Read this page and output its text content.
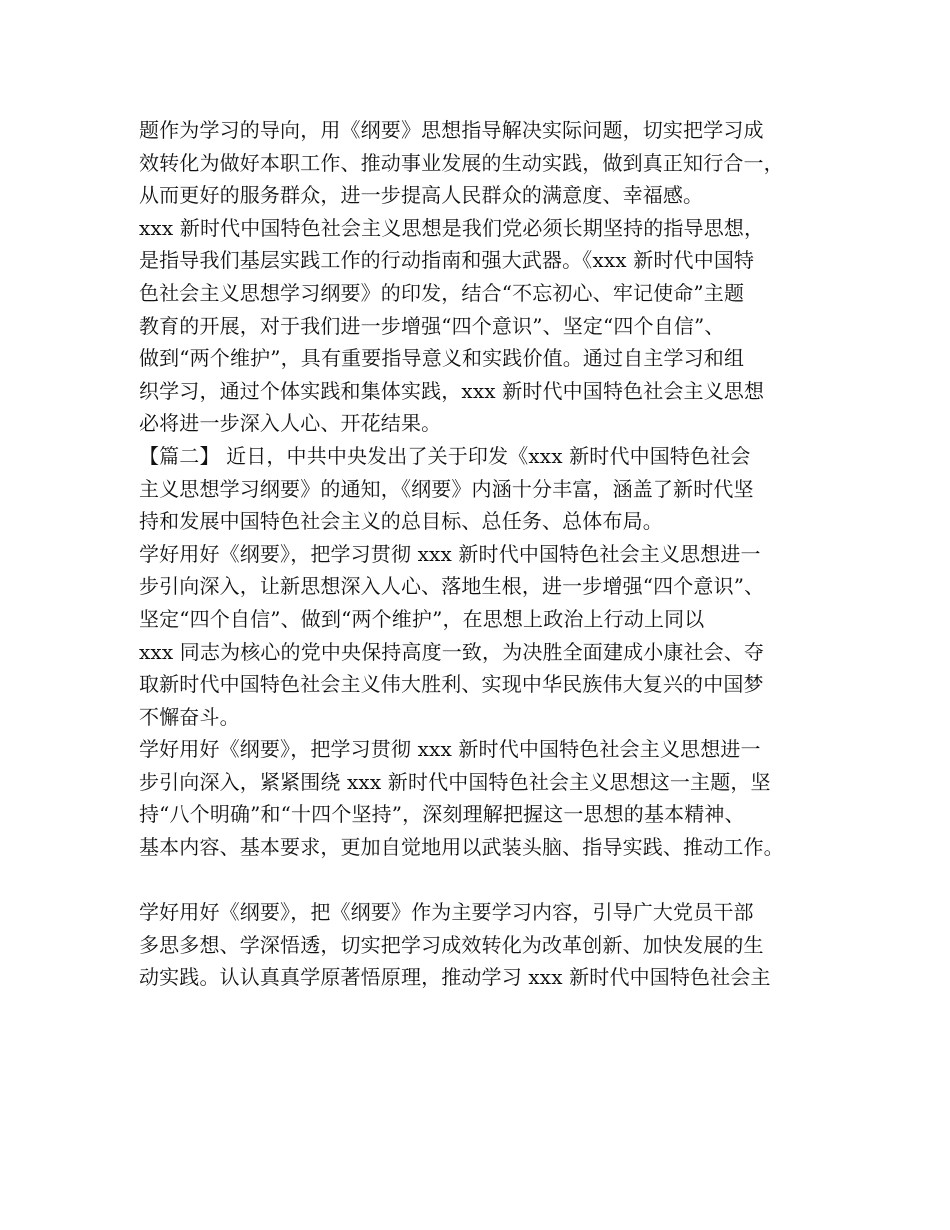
题作为学习的导向，用《纲要》思想指导解决实际问题，切实把学习成
效转化为做好本职工作、推动事业发展的生动实践，做到真正知行合一，
从而更好的服务群众，进一步提高人民群众的满意度、幸福感。
xxx 新时代中国特色社会主义思想是我们党必须长期坚持的指导思想，
是指导我们基层实践工作的行动指南和强大武器。《xxx 新时代中国特
色社会主义思想学习纲要》的印发，结合“不忘初心、牢记使命”主题
教育的开展，对于我们进一步增强“四个意识”、坚定“四个自信”、
做到“两个维护”，具有重要指导意义和实践价值。通过自主学习和组
织学习，通过个体实践和集体实践，xxx 新时代中国特色社会主义思想
必将进一步深入人心、开花结果。
【篇二】 近日，中共中央发出了关于印发《xxx 新时代中国特色社会
主义思想学习纲要》的通知，《纲要》内涵十分丰富，涵盖了新时代坚
持和发展中国特色社会主义的总目标、总任务、总体布局。
学好用好《纲要》，把学习贯彻 xxx 新时代中国特色社会主义思想进一
步引向深入，让新思想深入人心、落地生根，进一步增强“四个意识”、
坚定“四个自信”、做到“两个维护”，在思想上政治上行动上同以
xxx 同志为核心的党中央保持高度一致，为决胜全面建成小康社会、夺
取新时代中国特色社会主义伟大胜利、实现中华民族伟大复兴的中国梦
不懈奋斗。
学好用好《纲要》，把学习贯彻 xxx 新时代中国特色社会主义思想进一
步引向深入，紧紧围绕 xxx 新时代中国特色社会主义思想这一主题，坚
持“八个明确”和“十四个坚持”，深刻理解把握这一思想的基本精神、
基本内容、基本要求，更加自觉地用以武装头脑、指导实践、推动工作。
学好用好《纲要》，把《纲要》作为主要学习内容，引导广大党员干部
多思多想、学深悟透，切实把学习成效转化为改革创新、加快发展的生
动实践。认认真真学原著悟原理，推动学习 xxx 新时代中国特色社会主
